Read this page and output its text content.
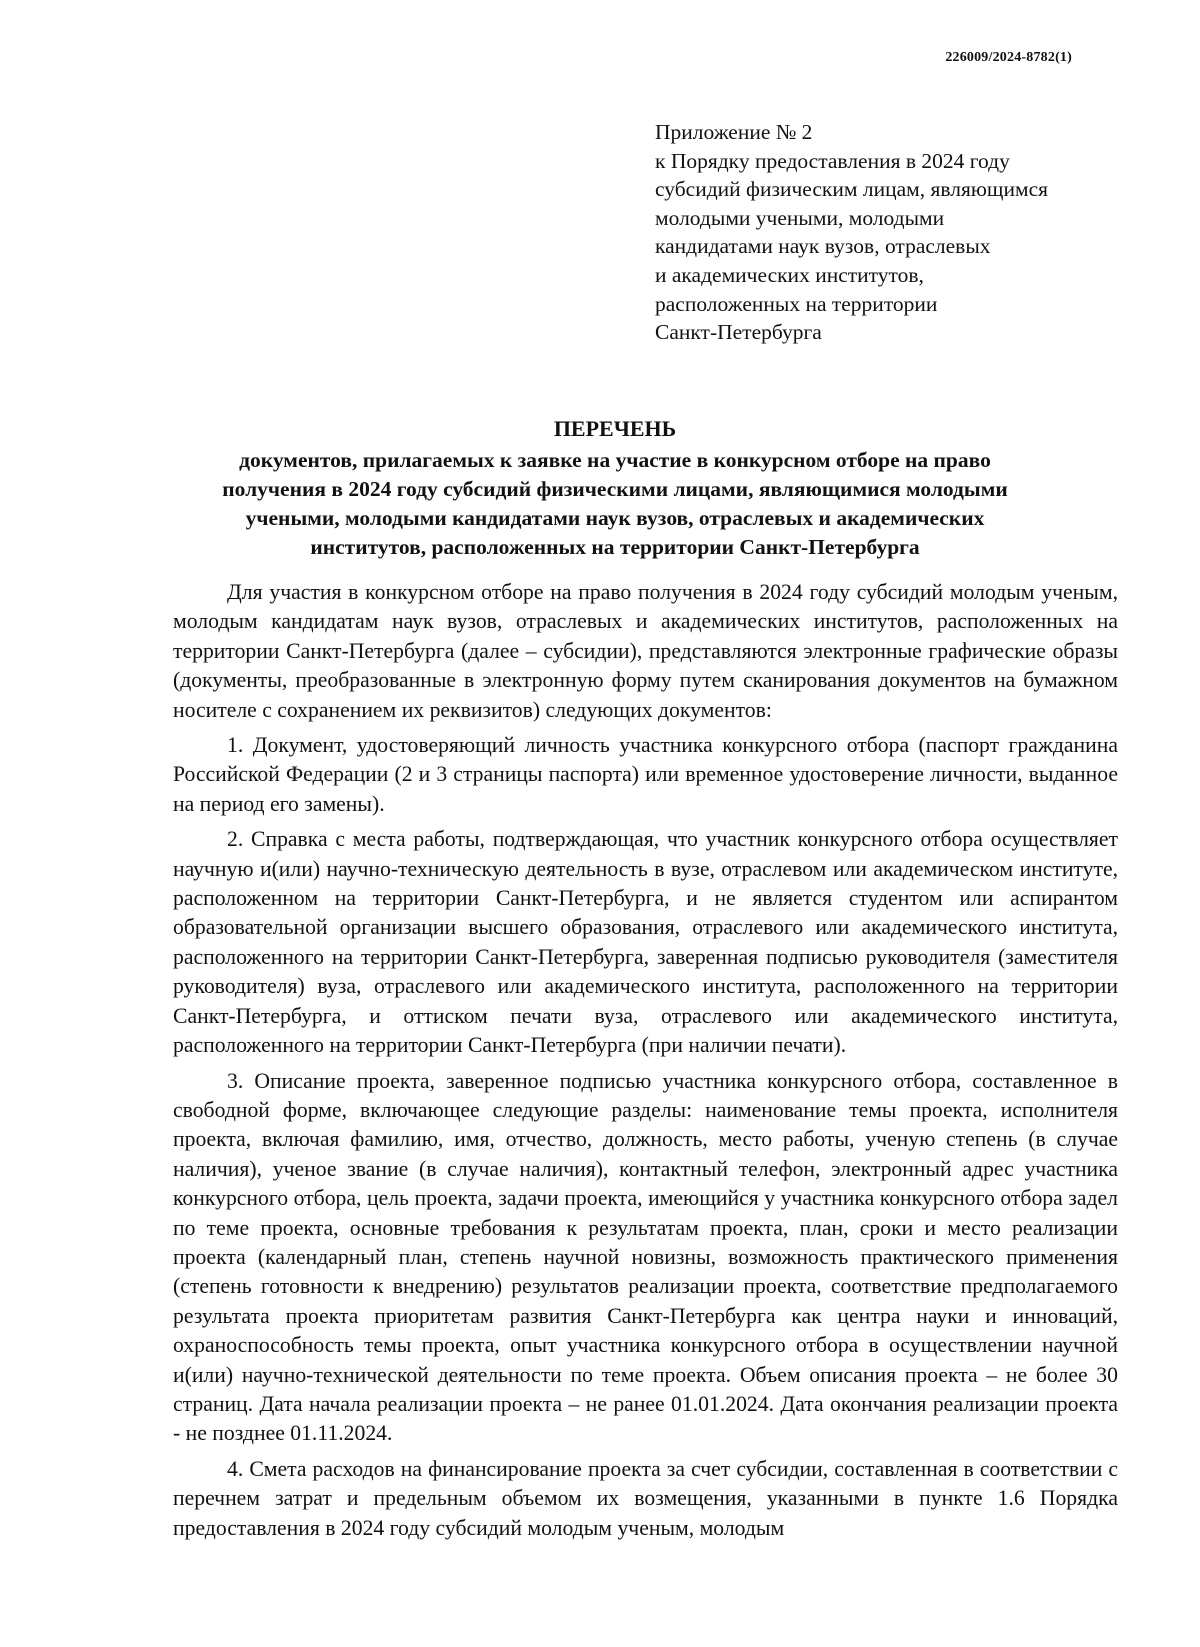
226009/2024-8782(1)
Приложение № 2
к Порядку предоставления в 2024 году
субсидий физическим лицам, являющимся
молодыми учеными, молодыми
кандидатами наук вузов, отраслевых
и академических институтов,
расположенных на территории
Санкт-Петербурга
ПЕРЕЧЕНЬ
документов, прилагаемых к заявке на участие в конкурсном отборе на право
получения в 2024 году субсидий физическими лицами, являющимися молодыми
учеными, молодыми кандидатами наук вузов, отраслевых и академических
институтов, расположенных на территории Санкт-Петербурга

Для участия в конкурсном отборе на право получения в 2024 году субсидий молодым ученым, молодым кандидатам наук вузов, отраслевых и академических институтов, расположенных на территории Санкт-Петербурга (далее – субсидии), представляются электронные графические образы (документы, преобразованные в электронную форму путем сканирования документов на бумажном носителе с сохранением их реквизитов) следующих документов:

1. Документ, удостоверяющий личность участника конкурсного отбора (паспорт гражданина Российской Федерации (2 и 3 страницы паспорта) или временное удостоверение личности, выданное на период его замены).

2. Справка с места работы, подтверждающая, что участник конкурсного отбора осуществляет научную и(или) научно-техническую деятельность в вузе, отраслевом или академическом институте, расположенном на территории Санкт-Петербурга, и не является студентом или аспирантом образовательной организации высшего образования, отраслевого или академического института, расположенного на территории Санкт-Петербурга, заверенная подписью руководителя (заместителя руководителя) вуза, отраслевого или академического института, расположенного на территории Санкт-Петербурга, и оттиском печати вуза, отраслевого или академического института, расположенного на территории Санкт-Петербурга (при наличии печати).

3. Описание проекта, заверенное подписью участника конкурсного отбора, составленное в свободной форме, включающее следующие разделы: наименование темы проекта, исполнителя проекта, включая фамилию, имя, отчество, должность, место работы, ученую степень (в случае наличия), ученое звание (в случае наличия), контактный телефон, электронный адрес участника конкурсного отбора, цель проекта, задачи проекта, имеющийся у участника конкурсного отбора задел по теме проекта, основные требования к результатам проекта, план, сроки и место реализации проекта (календарный план, степень научной новизны, возможность практического применения (степень готовности к внедрению) результатов реализации проекта, соответствие предполагаемого результата проекта приоритетам развития Санкт-Петербурга как центра науки и инноваций, охраноспособность темы проекта, опыт участника конкурсного отбора в осуществлении научной и(или) научно-технической деятельности по теме проекта. Объем описания проекта – не более 30 страниц. Дата начала реализации проекта – не ранее 01.01.2024. Дата окончания реализации проекта - не позднее 01.11.2024.

4. Смета расходов на финансирование проекта за счет субсидии, составленная в соответствии с перечнем затрат и предельным объемом их возмещения, указанными в пункте 1.6 Порядка предоставления в 2024 году субсидий молодым ученым, молодым
